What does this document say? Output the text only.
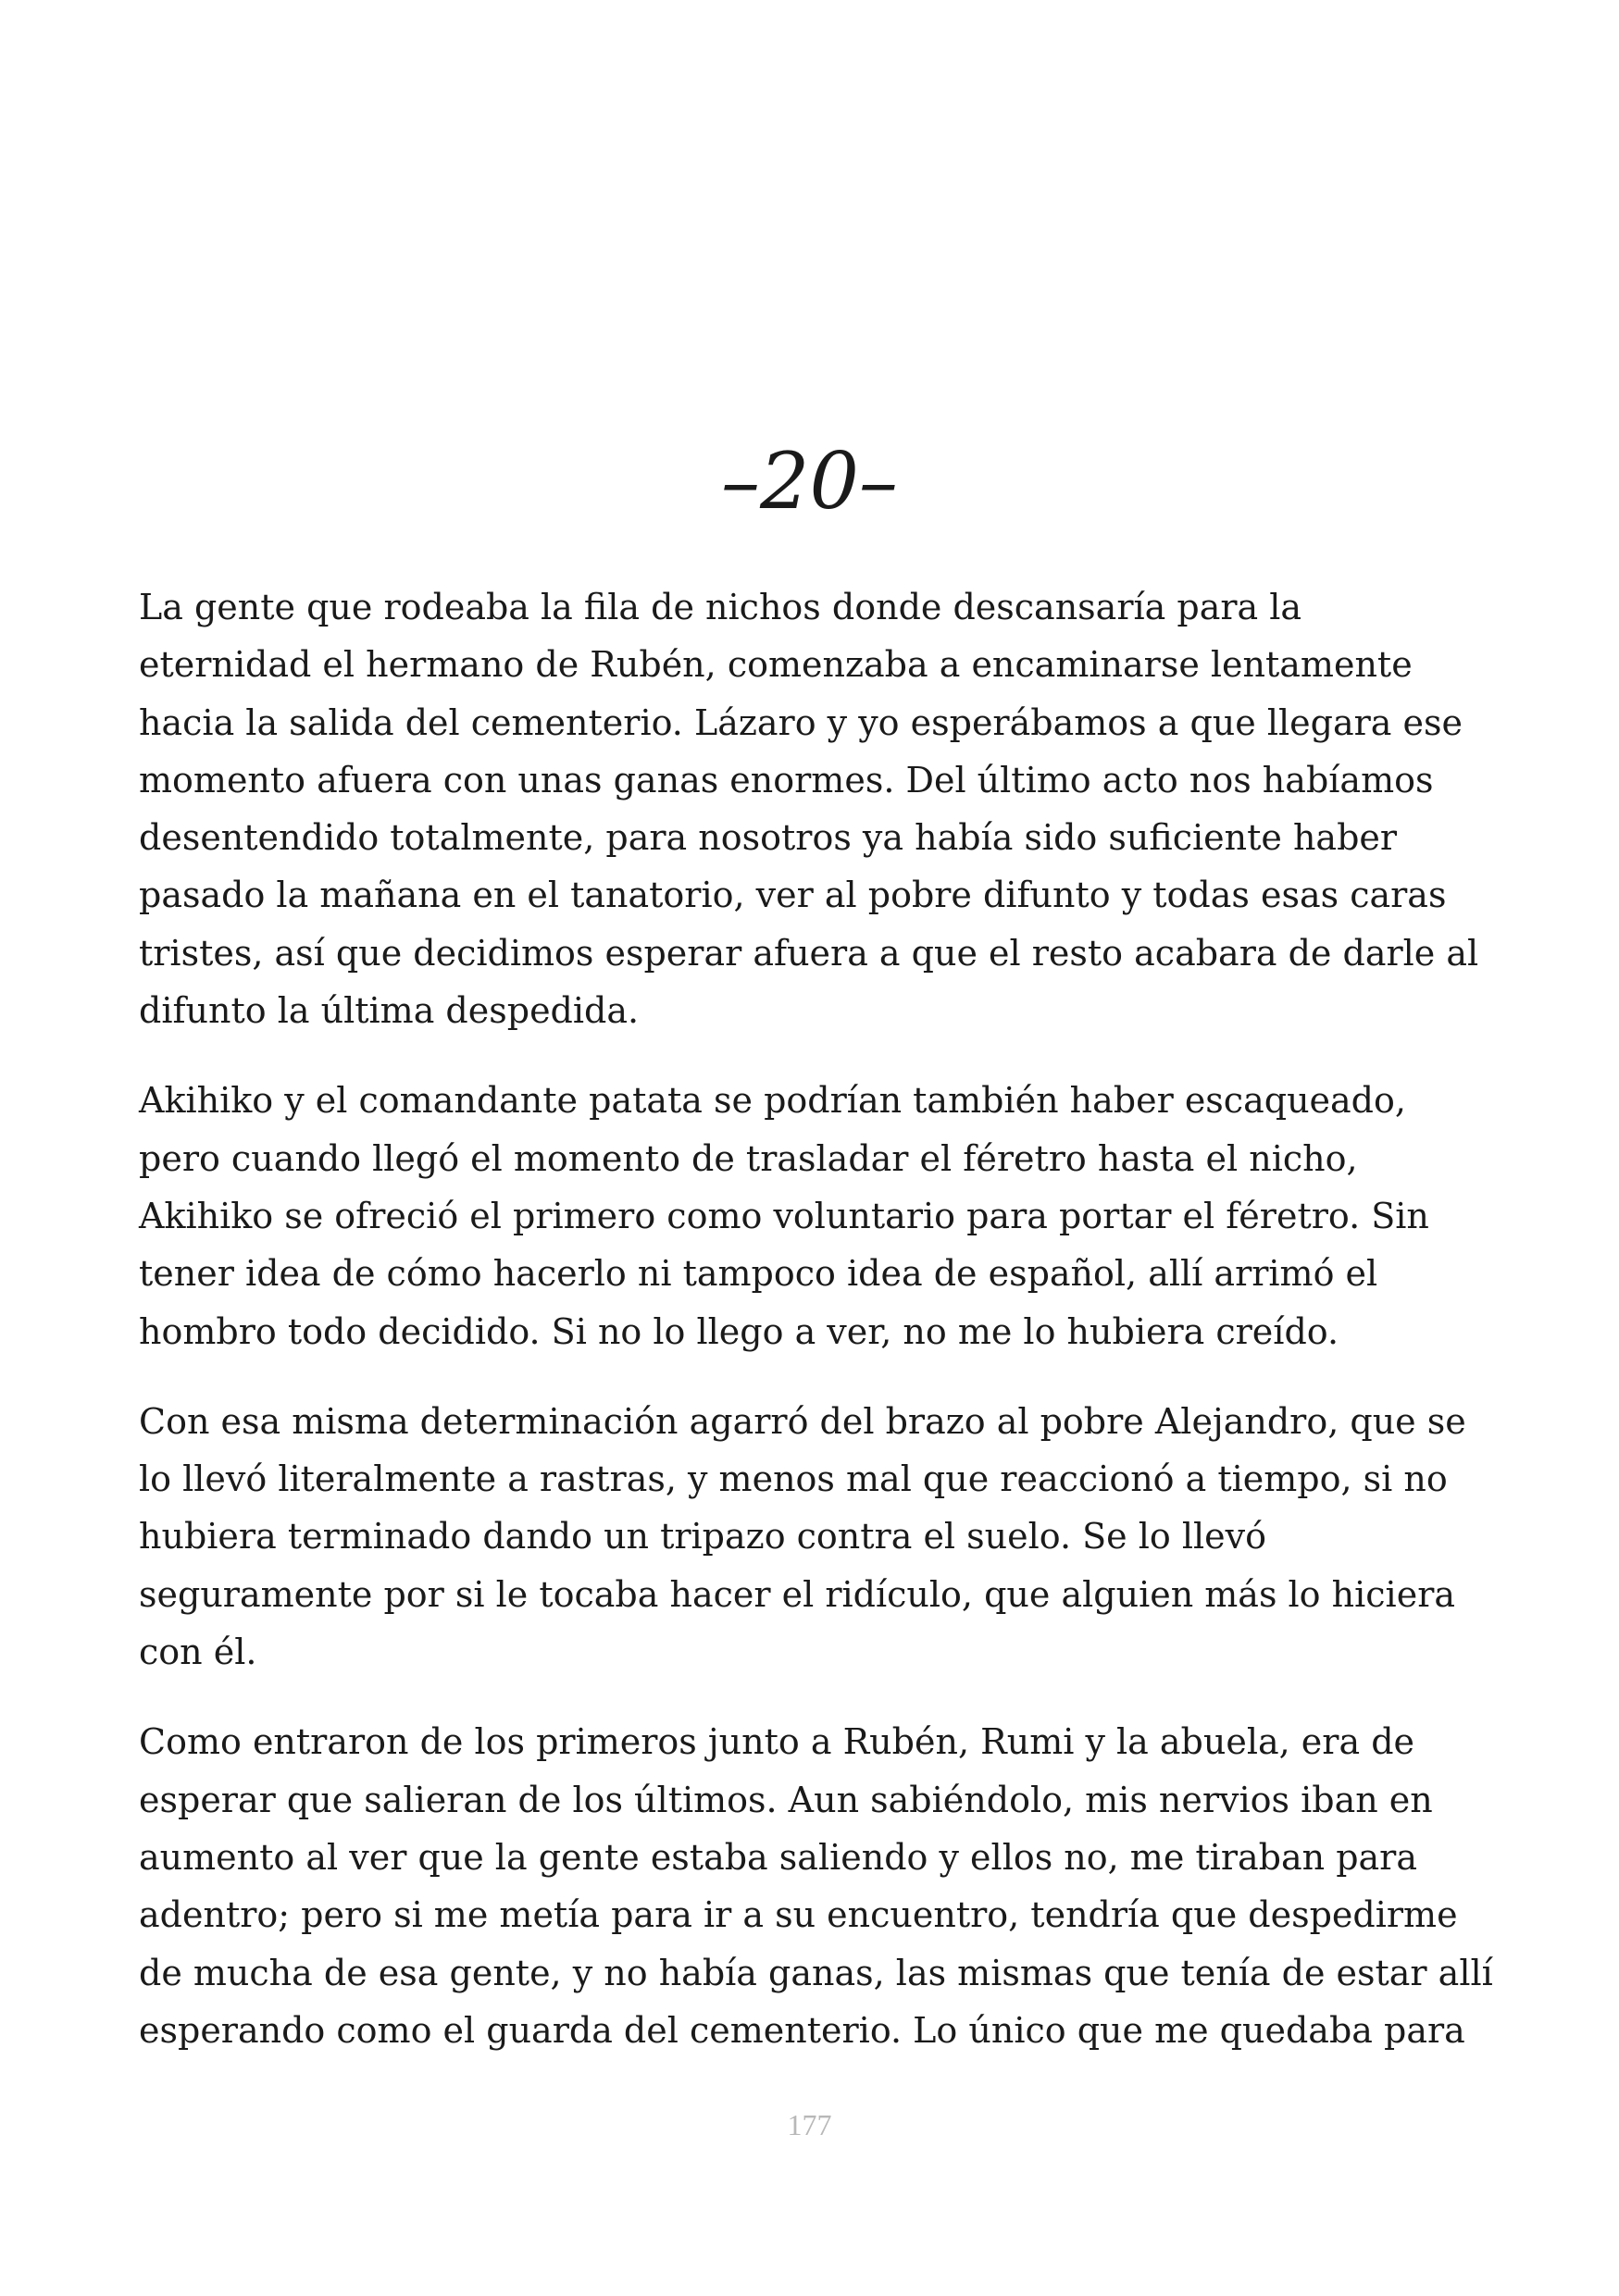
–20–

La gente que rodeaba la fila de nichos donde descansaría para la
eternidad el hermano de Rubén, comenzaba a encaminarse lentamente
hacia la salida del cementerio. Lázaro y yo esperábamos a que llegara ese
momento afuera con unas ganas enormes. Del último acto nos habíamos
desentendido totalmente, para nosotros ya había sido suficiente haber
pasado la mañana en el tanatorio, ver al pobre difunto y todas esas caras
tristes, así que decidimos esperar afuera a que el resto acabara de darle al
difunto la última despedida.

Akihiko y el comandante patata se podrían también haber escaqueado,
pero cuando llegó el momento de trasladar el féretro hasta el nicho,
Akihiko se ofreció el primero como voluntario para portar el féretro. Sin
tener idea de cómo hacerlo ni tampoco idea de español, allí arrimó el
hombro todo decidido. Si no lo llego a ver, no me lo hubiera creído.

Con esa misma determinación agarró del brazo al pobre Alejandro, que se
lo llevó literalmente a rastras, y menos mal que reaccionó a tiempo, si no
hubiera terminado dando un tripazo contra el suelo. Se lo llevó
seguramente por si le tocaba hacer el ridículo, que alguien más lo hiciera
con él.

Como entraron de los primeros junto a Rubén, Rumi y la abuela, era de
esperar que salieran de los últimos. Aun sabiéndolo, mis nervios iban en
aumento al ver que la gente estaba saliendo y ellos no, me tiraban para
adentro; pero si me metía para ir a su encuentro, tendría que despedirme
de mucha de esa gente, y no había ganas, las mismas que tenía de estar allí
esperando como el guarda del cementerio. Lo único que me quedaba para

177
